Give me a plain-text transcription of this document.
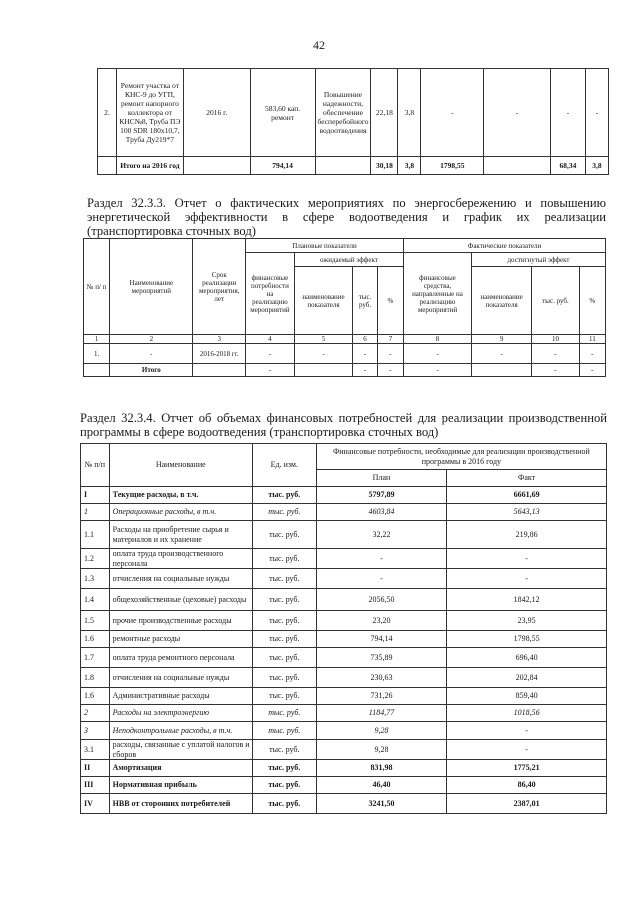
42
2.	Ремонт участка от КНС-9 до УГП, ремонт напорного коллектора от КНС№8, Труба ПЭ 100 SDR 180х10,7, Труба Ду219*7	2016 г.	583,60 кап. ремонт	Повышение надежности, обеспечение бесперебойного водоотведения	22,18	3,8	-	-	-	-
	Итого на 2016 год		794,14		30,18	3,8	1798,55		68,34	3,8
Раздел 32.3.3. Отчет о фактических мероприятиях по энергосбережению и повышению энергетической эффективности в сфере водоотведения и график их реализации (транспортировка сточных вод)
№ п/ п	Наименование мероприятий	Срок реализации мероприятия, лет	Плановые показатели				Фактические показатели			
			финансовые потребности на реализацию мероприятий	ожидаемый эффект			финансовые средства, направленные на реализацию мероприятий	достигнутый эффект		
				наименование показателя	тыс. руб.	%		наименование показателя	тыс. руб.	%
1	2	3	4	5	6	7	8	9	10	11
1.	-	2016-2018 гг.	-	-	-	-	-	-	-	-
	Итого		-		-	-	-		-	-
Раздел 32.3.4. Отчет об объемах финансовых потребностей для реализации производственной программы в сфере водоотведения (транспортировка сточных вод)
№ п/п	Наименование	Ед. изм.	Финансовые потребности, необходимые для реализации производственной программы в 2016 году	
			План	Факт
I	Текущие расходы, в т.ч.	тыс. руб.	5797,89	6661,69
1	Операционные расходы, в т.ч.	тыс. руб.	4603,84	5643,13
1.1	Расходы на приобретение сырья и материалов и их хранение	тыс. руб.	32,22	219,86
1.2	оплата труда производственного персонала	тыс. руб.	-	-
1.3	отчисления на социальные нужды	тыс. руб.	-	-
1.4	общехозяйственные (цеховые) расходы	тыс. руб.	2056,50	1842,12
1.5	прочие производственные расходы	тыс. руб.	23,20	23,95
1.6	ремонтные расходы	тыс. руб.	794,14	1798,55
1.7	оплата труда ремонтного персонала	тыс. руб.	735,89	696,40
1.8	отчисления на социальные нужды	тыс. руб.	230,63	202,84
1.6	Административные расходы	тыс. руб.	731,26	859,40
2	Расходы на электроэнергию	тыс. руб.	1184,77	1018,56
3	Неподконтрольные расходы, в т.ч.	тыс. руб.	9,28	-
3.1	расходы, связанные с уплатой налогов и сборов	тыс. руб.	9,28	-
II	Амортизация	тыс. руб.	831,98	1775,21
III	Нормативная прибыль	тыс. руб.	46,40	86,40
IV	НВВ от сторонних потребителей	тыс. руб.	3241,50	2387,01
